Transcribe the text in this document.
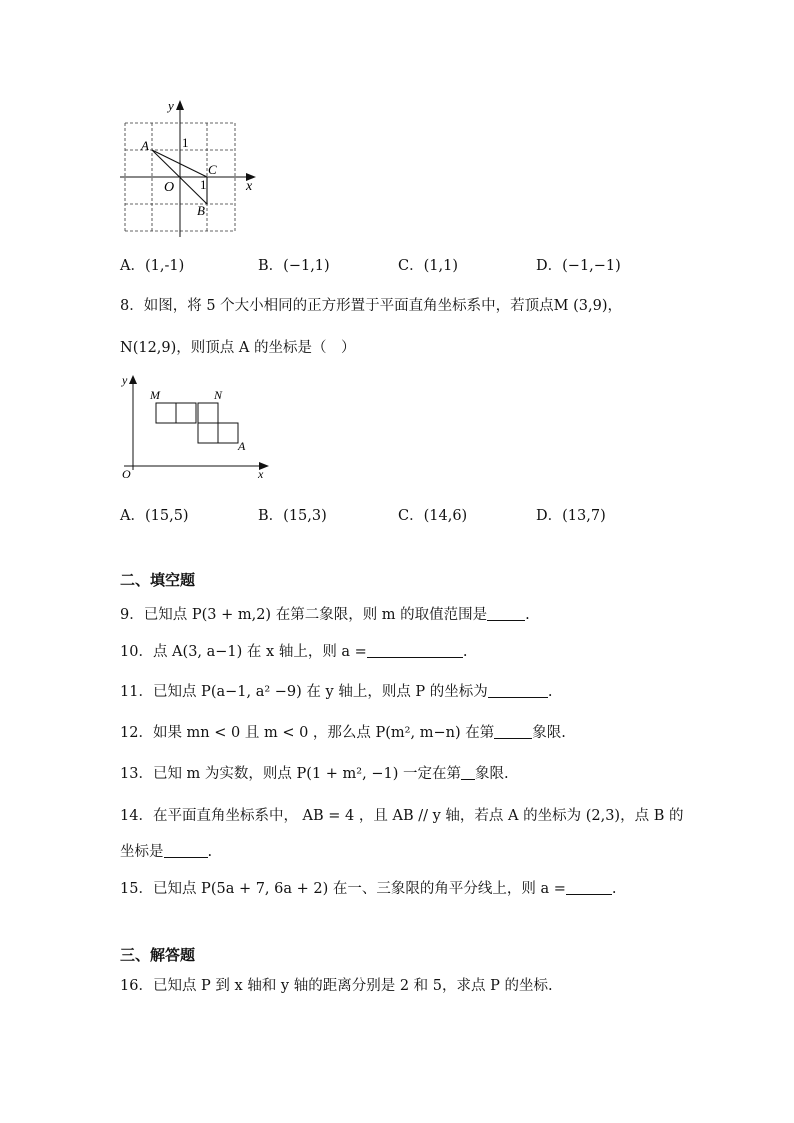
y
x
A	1
C
O 1
B
A．(1,-1)	B．(−1,1)	C．(1,1)	D．(−1,−1)
8．如图，将 5 个大小相同的正方形置于平面直角坐标系中，若顶点M (3,9)，
N(12,9)，则顶点 A 的坐标是（　）
y
M	N
A
O	x
A．(15,5)	B．(15,3)	C．(14,6)	D．(13,7)
二、填空题
9．已知点 P(3 + m,2) 在第二象限，则 m 的取值范围是	.
10．点 A(3, a−1) 在 x 轴上，则 a =	.
11．已知点 P(a−1, a² −9) 在 y 轴上，则点 P 的坐标为	.
12．如果 mn < 0 且 m < 0 ，那么点 P(m², m−n) 在第	象限.
13．已知 m 为实数，则点 P(1 + m², −1) 一定在第 象限.
14．在平面直角坐标系中， AB = 4 ，且 AB // y 轴，若点 A 的坐标为 (2,3)，点 B 的
坐标是	.
15．已知点 P(5a + 7, 6a + 2) 在一、三象限的角平分线上，则 a =	.
三、解答题
16．已知点 P 到 x 轴和 y 轴的距离分别是 2 和 5，求点 P 的坐标.
